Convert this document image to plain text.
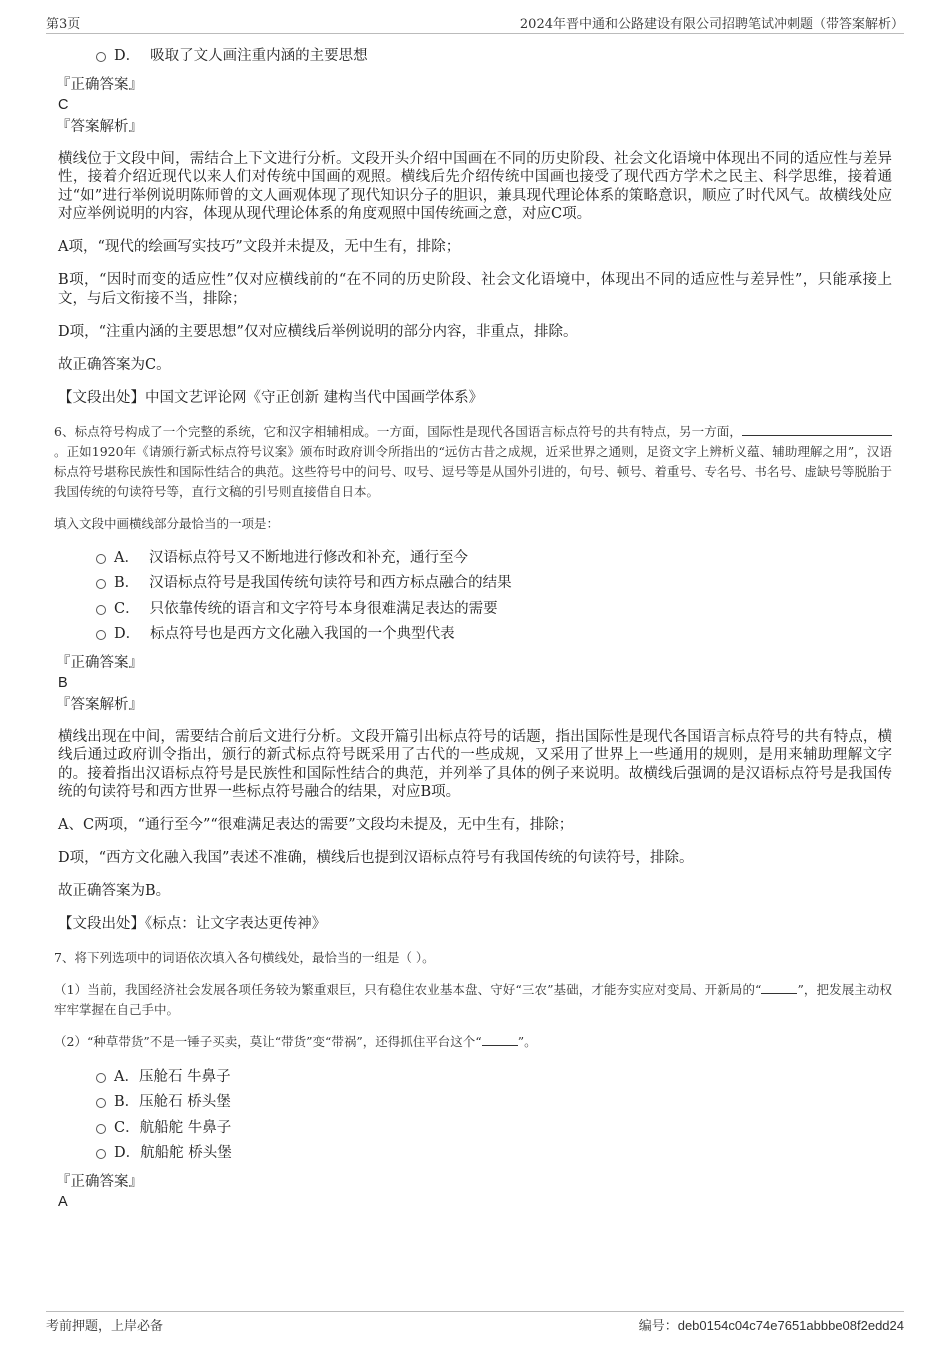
第3页	2024年晋中通和公路建设有限公司招聘笔试冲刺题（带答案解析）
D． 吸取了文人画注重内涵的主要思想
『正确答案』
C
『答案解析』

横线位于文段中间，需结合上下文进行分析。文段开头介绍中国画在不同的历史阶段、社会文化语境中体现出不同的适应性与差异性，接着介绍近现代以来人们对传统中国画的观照。横线后先介绍传统中国画也接受了现代西方学术之民主、科学思维，接着通过“如”进行举例说明陈师曾的文人画观体现了现代知识分子的胆识，兼具现代理论体系的策略意识，顺应了时代风气。故横线处应对应举例说明的内容，体现从现代理论体系的角度观照中国传统画之意，对应C项。

A项，“现代的绘画写实技巧”文段并未提及，无中生有，排除；

B项，“因时而变的适应性”仅对应横线前的“在不同的历史阶段、社会文化语境中，体现出不同的适应性与差异性”，只能承接上文，与后文衔接不当，排除；

D项，“注重内涵的主要思想”仅对应横线后举例说明的部分内容，非重点，排除。

故正确答案为C。

【文段出处】中国文艺评论网《守正创新 建构当代中国画学体系》

6、标点符号构成了一个完整的系统，它和汉字相辅相成。一方面，国际性是现代各国语言标点符号的共有特点，另一方面，。正如1920年《请颁行新式标点符号议案》颁布时政府训令所指出的“远仿古昔之成规，近采世界之通则，足资文字上辨析义蕴、辅助理解之用”，汉语标点符号堪称民族性和国际性结合的典范。这些符号中的问号、叹号、逗号等是从国外引进的，句号、顿号、着重号、专名号、书名号、虚缺号等脱胎于我国传统的句读符号等，直行文稿的引号则直接借自日本。

填入文段中画横线部分最恰当的一项是：

A． 汉语标点符号又不断地进行修改和补充，通行至今
B． 汉语标点符号是我国传统句读符号和西方标点融合的结果
C． 只依靠传统的语言和文字符号本身很难满足表达的需要
D． 标点符号也是西方文化融入我国的一个典型代表
『正确答案』
B
『答案解析』

横线出现在中间，需要结合前后文进行分析。文段开篇引出标点符号的话题，指出国际性是现代各国语言标点符号的共有特点，横线后通过政府训令指出，颁行的新式标点符号既采用了古代的一些成规，又采用了世界上一些通用的规则，是用来辅助理解文字的。接着指出汉语标点符号是民族性和国际性结合的典范，并列举了具体的例子来说明。故横线后强调的是汉语标点符号是我国传统的句读符号和西方世界一些标点符号融合的结果，对应B项。

A、C两项，“通行至今”“很难满足表达的需要”文段均未提及，无中生有，排除；

D项，“西方文化融入我国”表述不准确，横线后也提到汉语标点符号有我国传统的句读符号，排除。

故正确答案为B。

【文段出处】《标点：让文字表达更传神》

7、将下列选项中的词语依次填入各句横线处，最恰当的一组是（ ）。

（1）当前，我国经济社会发展各项任务较为繁重艰巨，只有稳住农业基本盘、守好“三农”基础，才能夯实应对变局、开新局的“	”，把发展主动权牢牢掌握在自己手中。

（2）“种草带货”不是一锤子买卖，莫让“带货”变“带祸”，还得抓住平台这个“	”。

A．压舱石 牛鼻子
B．压舱石 桥头堡
C．航船舵 牛鼻子
D．航船舵 桥头堡
『正确答案』
A
考前押题，上岸必备	编号：deb0154c04c74e7651abbbe08f2edd24
